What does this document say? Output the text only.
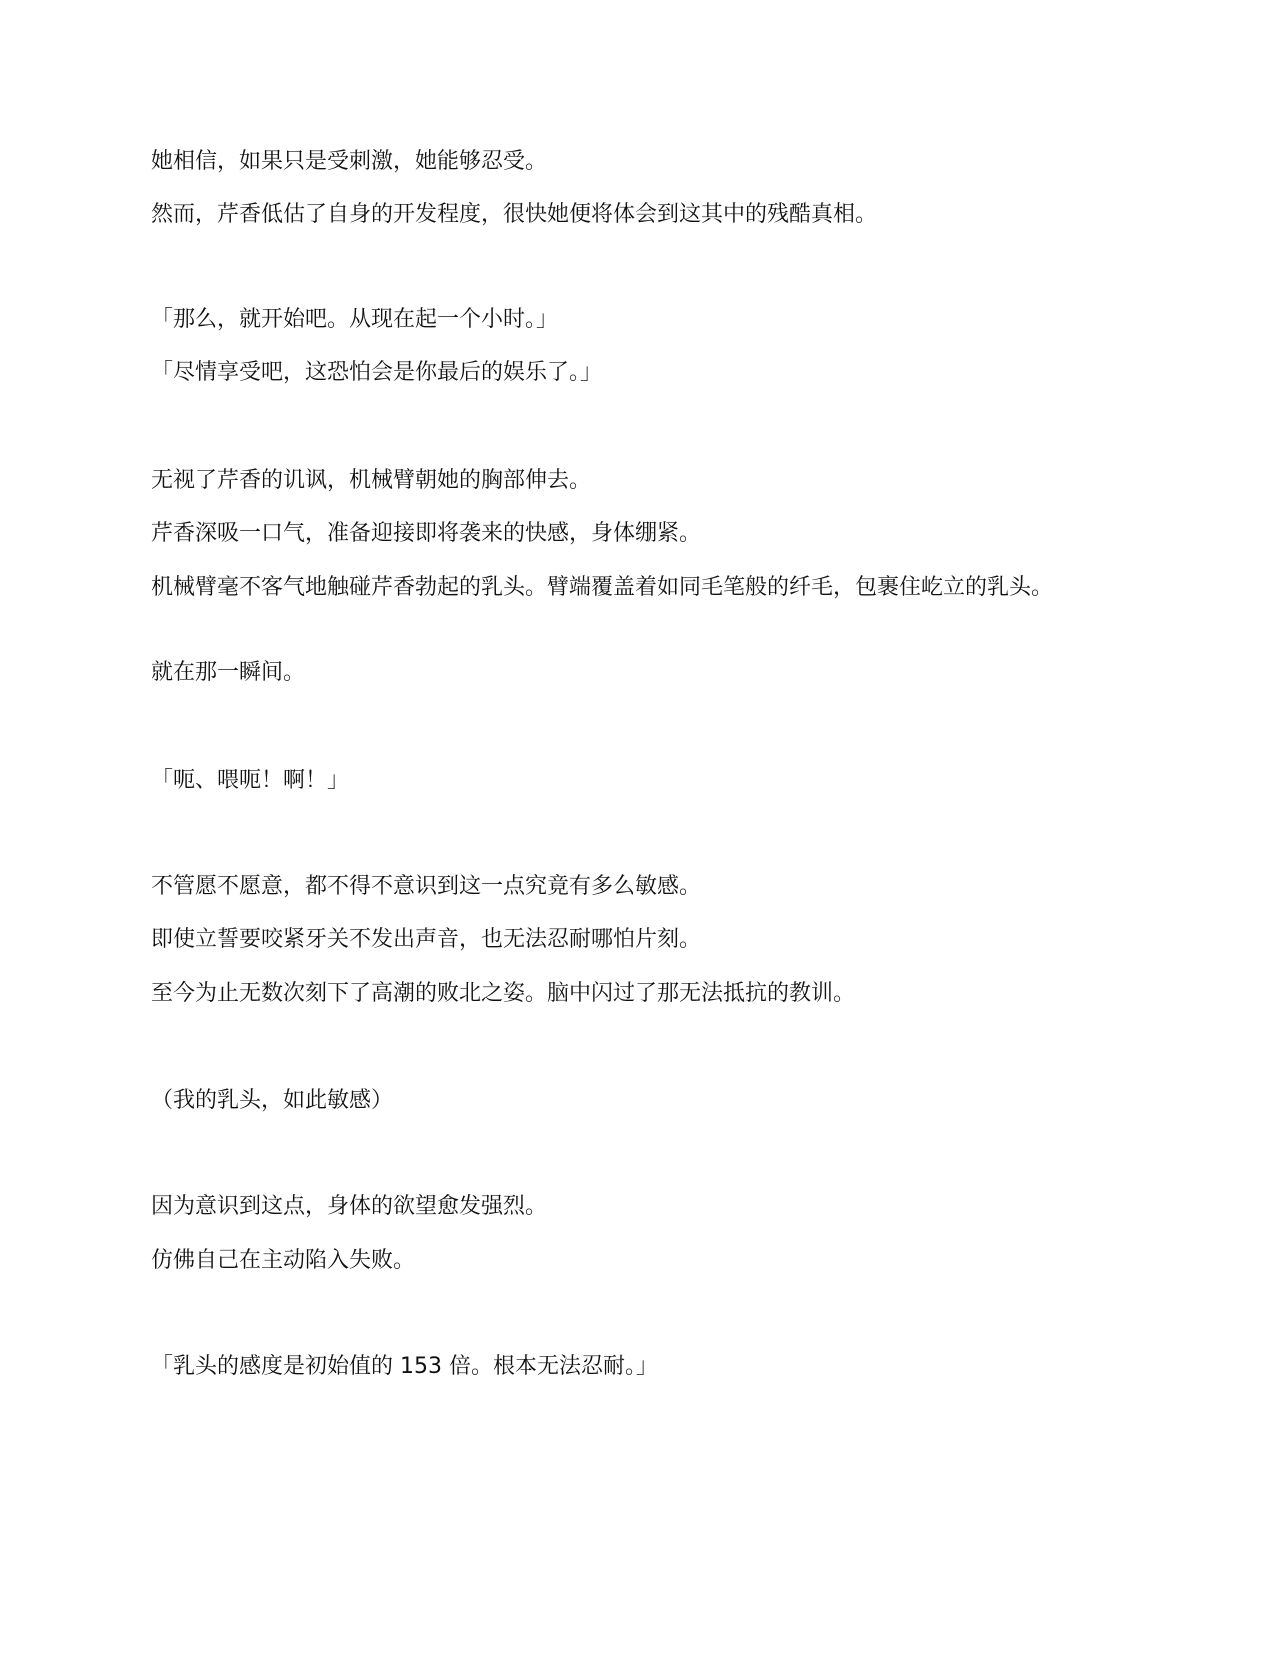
她相信，如果只是受刺激，她能够忍受。
然而，芹香低估了自身的开发程度，很快她便将体会到这其中的残酷真相。
「那么，就开始吧。从现在起一个小时。」
「尽情享受吧，这恐怕会是你最后的娱乐了。」
无视了芹香的讥讽，机械臂朝她的胸部伸去。
芹香深吸一口气，准备迎接即将袭来的快感，身体绷紧。
机械臂毫不客气地触碰芹香勃起的乳头。臂端覆盖着如同毛笔般的纤毛，包裹住屹立的乳头。
就在那一瞬间。
「呃、喂呃！啊！」
不管愿不愿意，都不得不意识到这一点究竟有多么敏感。
即使立誓要咬紧牙关不发出声音，也无法忍耐哪怕片刻。
至今为止无数次刻下了高潮的败北之姿。脑中闪过了那无法抵抗的教训。
（我的乳头，如此敏感）
因为意识到这点，身体的欲望愈发强烈。
仿佛自己在主动陷入失败。
「乳头的感度是初始值的 153 倍。根本无法忍耐。」
